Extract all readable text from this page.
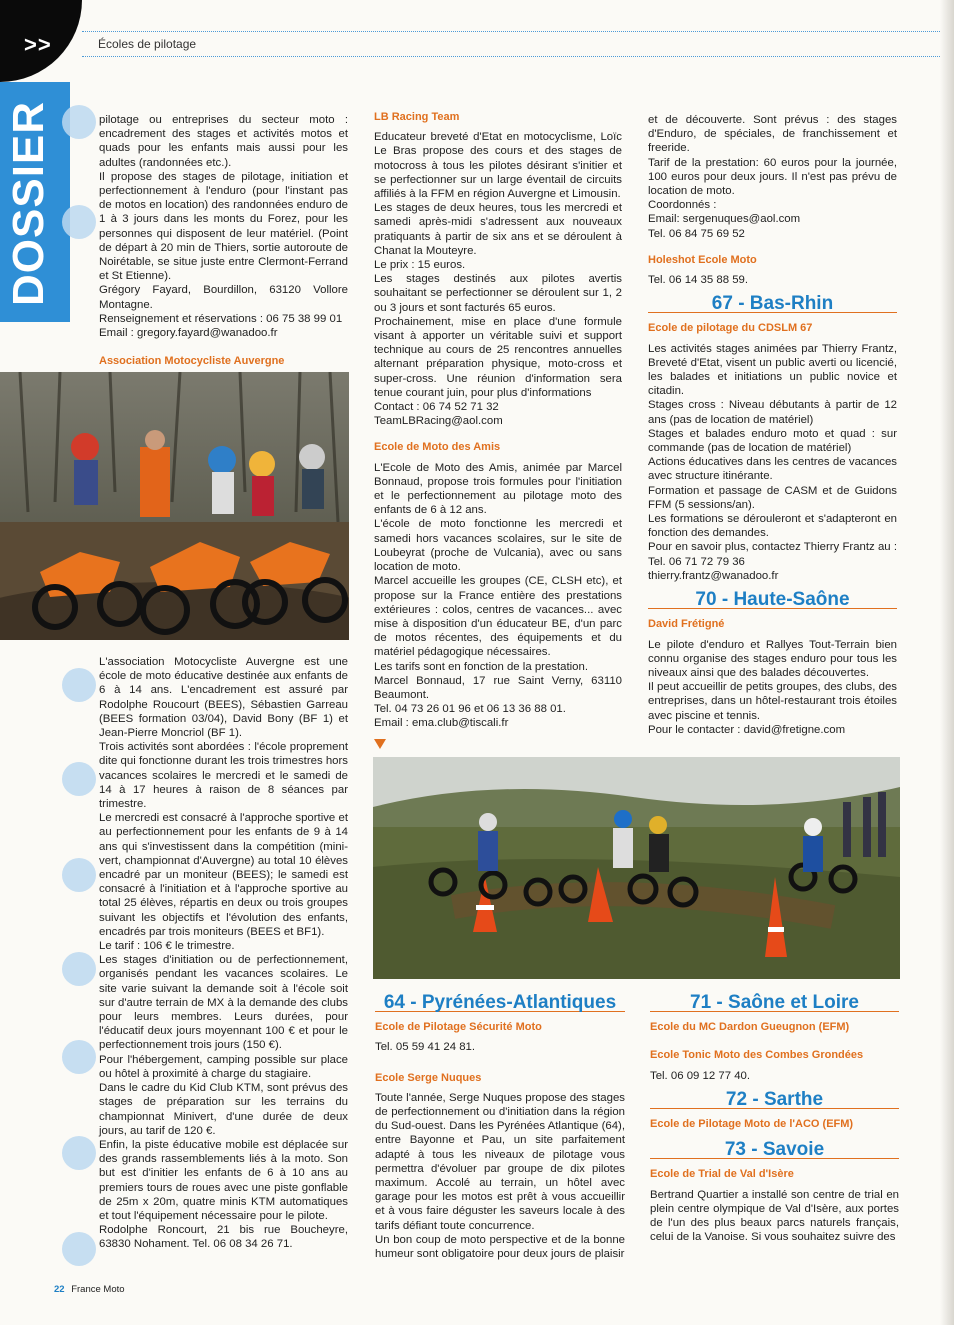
>>
DOSSIER
Écoles de pilotage

pilotage ou entreprises du secteur moto : encadrement des stages et activités motos et quads pour les enfants mais aussi pour les adultes (randonnées etc.).

Il propose des stages de pilotage, initiation et perfectionnement à l'enduro (pour l'instant pas de motos en location) des randonnées enduro de 1 à 3 jours dans les monts du Forez, pour les personnes qui disposent de leur matériel. (Point de départ à 20 min de Thiers, sortie autoroute de Noirétable, se situe juste entre Clermont-Ferrand et St Etienne).

Grégory Fayard, Bourdillon, 63120 Vollore Montagne.

Renseignement et réservations : 06 75 38 99 01

Email : gregory.fayard@wanadoo.fr

Association Motocycliste Auvergne

L'association Motocycliste Auvergne est une école de moto éducative destinée aux enfants de 6 à 14 ans. L'encadrement est assuré par Rodolphe Roucourt (BEES), Sébastien Garreau (BEES formation 03/04), David Bony (BF 1) et Jean-Pierre Moncriol (BF 1).

Trois activités sont abordées : l'école proprement dite qui fonctionne durant les trois trimestres hors vacances scolaires le mercredi et le samedi de 14 à 17 heures à raison de 8 séances par trimestre.

Le mercredi est consacré à l'approche sportive et au perfectionnement pour les enfants de 9 à 14 ans qui s'investissent dans la compétition (mini-vert, championnat d'Auvergne) au total 10 élèves encadré par un moniteur (BEES); le samedi est consacré à l'initiation et à l'approche sportive au total 25 élèves, répartis en deux ou trois groupes suivant les objectifs et l'évolution des enfants, encadrés par trois moniteurs (BEES et BF1).

Le tarif : 106 € le trimestre.

Les stages d'initiation ou de perfectionnement, organisés pendant les vacances scolaires. Le site varie suivant la demande soit à l'école soit sur d'autre terrain de MX à la demande des clubs pour leurs membres. Leurs durées, pour l'éducatif deux jours moyennant 100 € et pour le perfectionnement trois jours (150 €).

Pour l'hébergement, camping possible sur place ou hôtel à proximité à charge du stagiaire.

Dans le cadre du Kid Club KTM, sont prévus des stages de préparation sur les terrains du championnat Minivert, d'une durée de deux jours, au tarif de 120 €.

Enfin, la piste éducative mobile est déplacée sur des grands rassemblements liés à la moto. Son but est d'initier les enfants de 6 à 10 ans au premiers tours de roues avec une piste gonflable de 25m x 20m, quatre minis KTM automatiques et tout l'équipement nécessaire pour le pilote.

Rodolphe Roncourt, 21 bis rue Boucheyre, 63830 Nohament. Tel. 06 08 34 26 71.

LB Racing Team

Educateur breveté d'Etat en motocyclisme, Loïc Le Bras propose des cours et des stages de motocross à tous les pilotes désirant s'initier et se perfectionner sur un large éventail de circuits affiliés à la FFM en région Auvergne et Limousin.

Les stages de deux heures, tous les mercredi et samedi après-midi s'adressent aux nouveaux pratiquants à partir de six ans et se déroulent à Chanat la Mouteyre.

Le prix : 15 euros.

Les stages destinés aux pilotes avertis souhaitant se perfectionner se déroulent sur 1, 2 ou 3 jours et sont facturés 65 euros.

Prochainement, mise en place d'une formule visant à apporter un véritable suivi et support technique au cours de 25 rencontres annuelles alternant préparation physique, moto-cross et super-cross. Une réunion d'information sera tenue courant juin, pour plus d'informations

Contact : 06 74 52 71 32

TeamLBRacing@aol.com

Ecole de Moto des Amis

L'Ecole de Moto des Amis, animée par Marcel Bonnaud, propose trois formules pour l'initiation et le perfectionnement au pilotage moto des enfants de 6 à 12 ans.

L'école de moto fonctionne les mercredi et samedi hors vacances scolaires, sur le site de Loubeyrat (proche de Vulcania), avec ou sans location de moto.

Marcel accueille les groupes (CE, CLSH etc), et propose sur la France entière des prestations extérieures : colos, centres de vacances... avec mise à disposition d'un éducateur BE, d'un parc de motos récentes, des équipements et du matériel pédagogique nécessaires.

Les tarifs sont en fonction de la prestation.

Marcel Bonnaud, 17 rue Saint Verny, 63110 Beaumont.

Tel. 04 73 26 01 96 et 06 13 36 88 01.

Email : ema.club@tiscali.fr

et de découverte. Sont prévus : des stages d'Enduro, de spéciales, de franchissement et freeride.

Tarif de la prestation: 60 euros pour la journée, 100 euros pour deux jours. Il n'est pas prévu de location de moto.

Coordonnés :

Email: sergenuques@aol.com

Tel. 06 84 75 69 52

Holeshot Ecole Moto

Tel. 06 14 35 88 59.

67 - Bas-Rhin
Ecole de pilotage du CDSLM 67

Les activités stages animées par Thierry Frantz, Breveté d'Etat, visent un public averti ou licencié, les balades et initiations un public novice et citadin.

Stages cross : Niveau débutants à partir de 12 ans (pas de location de matériel)

Stages et balades enduro moto et quad : sur commande (pas de location de matériel)

Actions éducatives dans les centres de vacances avec structure itinérante.

Formation et passage de CASM et de Guidons FFM (5 sessions/an).

Les formations se dérouleront et s'adapteront en fonction des demandes.

Pour en savoir plus, contactez Thierry Frantz au : Tel. 06 71 72 79 36

thierry.frantz@wanadoo.fr

70 - Haute-Saône
David Frétigné

Le pilote d'enduro et Rallyes Tout-Terrain bien connu organise des stages enduro pour tous les niveaux ainsi que des balades découvertes.

Il peut accueillir de petits groupes, des clubs, des entreprises, dans un hôtel-restaurant trois étoiles avec piscine et tennis.

Pour le contacter : david@fretigne.com

64 - Pyrénées-Atlantiques
Ecole de Pilotage Sécurité Moto

Tel. 05 59 41 24 81.

Ecole Serge Nuques

Toute l'année, Serge Nuques propose des stages de perfectionnement ou d'initiation dans la région du Sud-ouest. Dans les Pyrénées Atlantique (64), entre Bayonne et Pau, un site parfaitement adapté à tous les niveaux de pilotage vous permettra d'évoluer par groupe de dix pilotes maximum. Accolé au terrain, un hôtel avec garage pour les motos est prêt à vous accueillir et à vous faire déguster les saveurs locale à des tarifs défiant toute concurrence.

Un bon coup de moto perspective et de la bonne humeur sont obligatoire pour deux jours de plaisir

71 - Saône et Loire
Ecole du MC Dardon Gueugnon (EFM)
Ecole Tonic Moto des Combes Grondées

Tel. 06 09 12 77 40.

72 - Sarthe
Ecole de Pilotage Moto de l'ACO (EFM)
73 - Savoie
Ecole de Trial de Val d'Isère

Bertrand Quartier a installé son centre de trial en plein centre olympique de Val d'Isère, aux portes de l'un des plus beaux parcs naturels français, celui de la Vanoise. Si vous souhaitez suivre des

22 France Moto
